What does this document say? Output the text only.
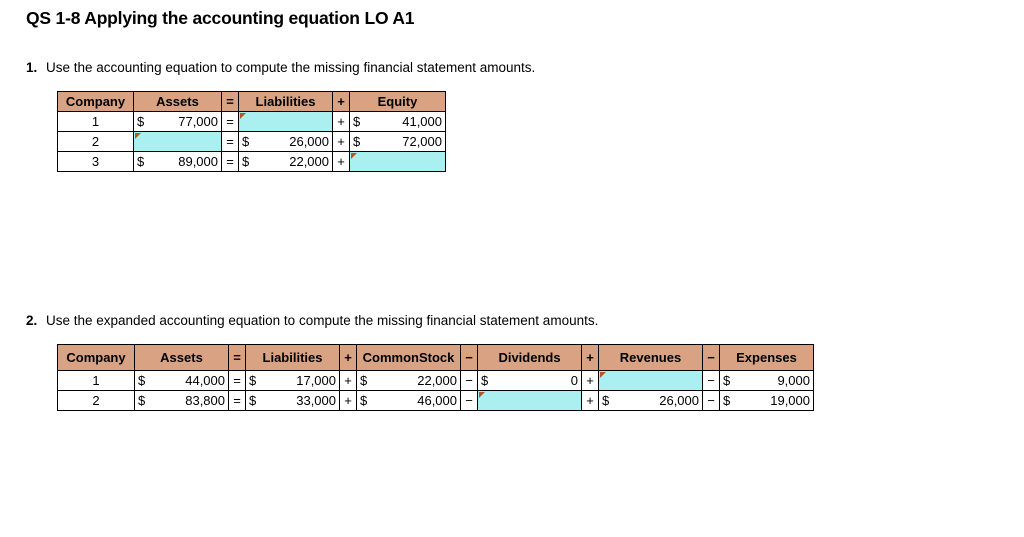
QS 1-8 Applying the accounting equation LO A1
1. Use the accounting equation to compute the missing financial statement amounts.
Company	Assets		=	Liabilities		+	Equity	
1	$	77,000	=			+	$	41,000
2			=	$	26,000	+	$	72,000
3	$	89,000	=	$	22,000	+		
2. Use the expanded accounting equation to compute the missing financial statement amounts.
Company	Assets		=	Liabilities		+	CommonStock		−	Dividends		+	Revenues		−	Expenses	
1	$	44,000	=	$	17,000	+	$	22,000	−	$	0	+			−	$	9,000
2	$	83,800	=	$	33,000	+	$	46,000	−			+	$	26,000	−	$	19,000
